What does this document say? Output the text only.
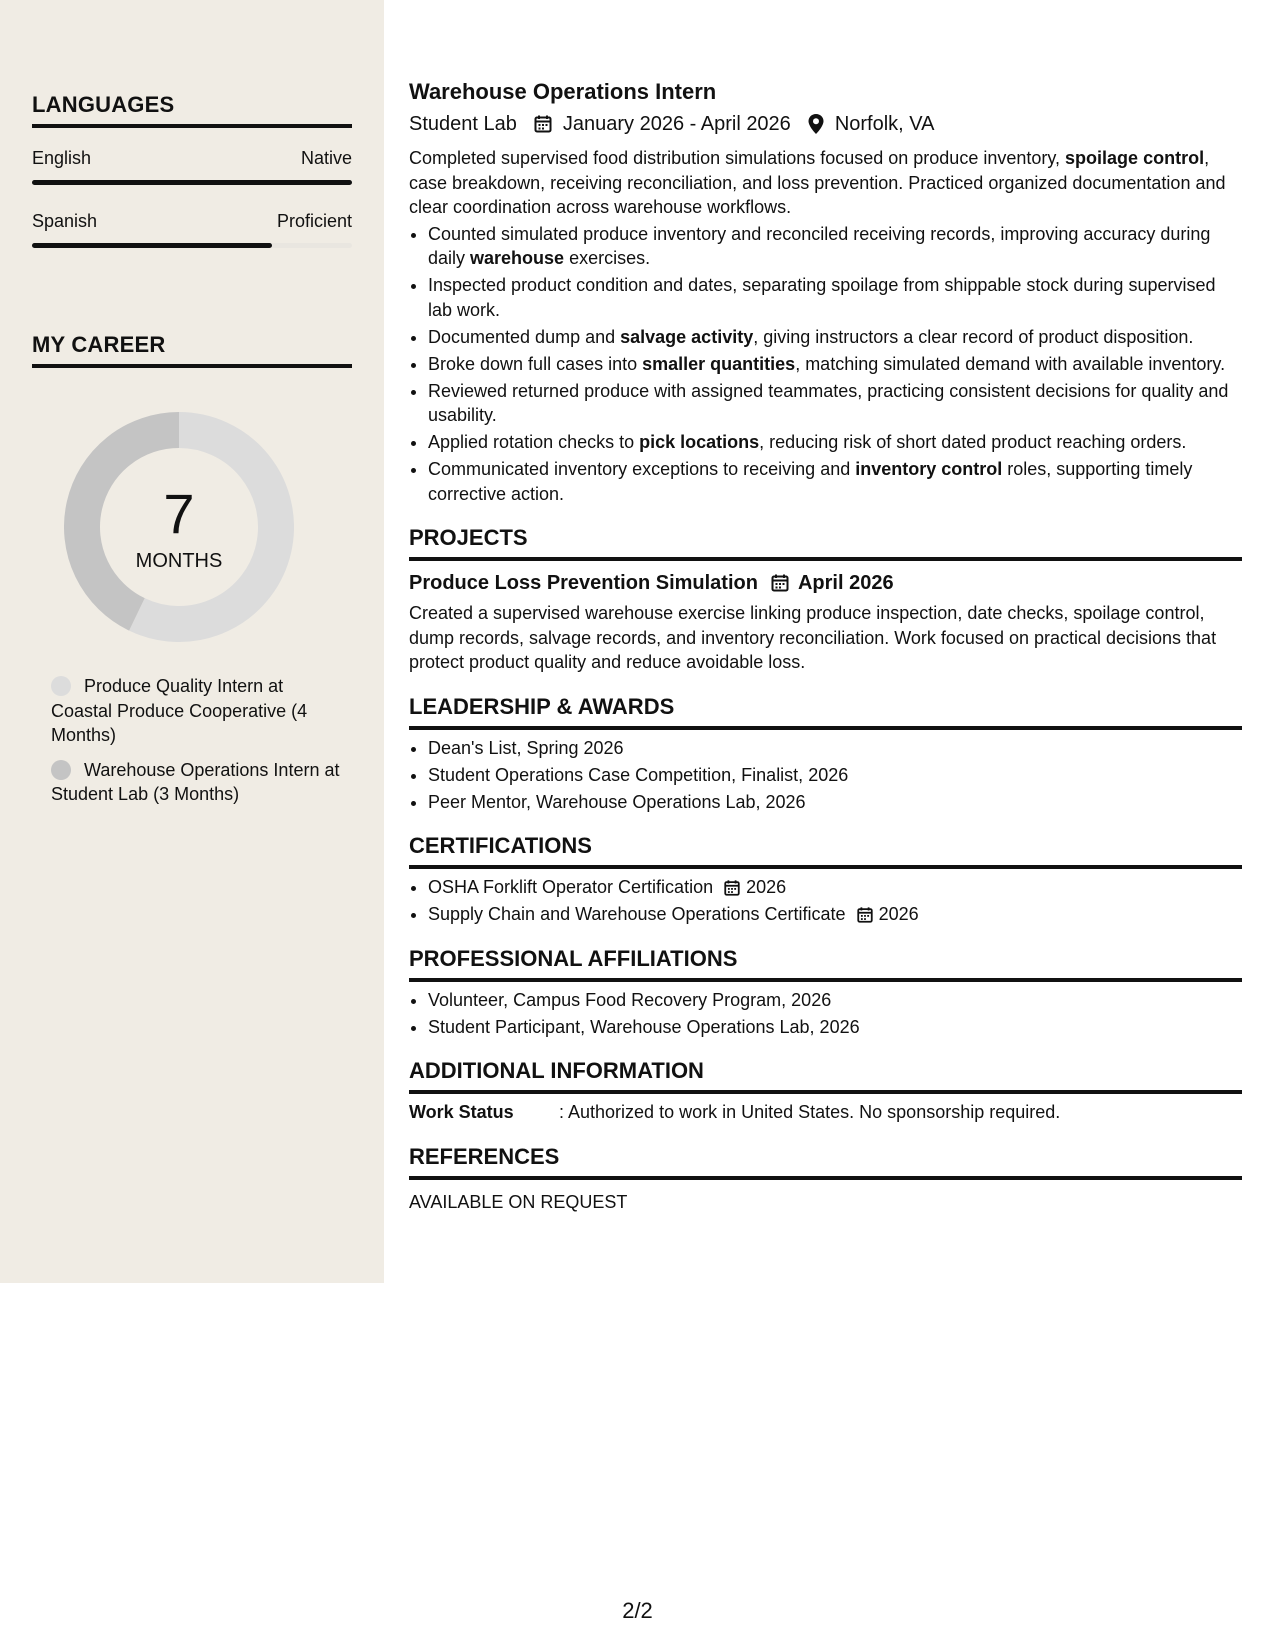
LANGUAGES
English	Native
Spanish	Proficient
MY CAREER
7
MONTHS
Produce Quality Intern at Coastal Produce Cooperative (4 Months)
Warehouse Operations Intern at Student Lab (3 Months)
Warehouse Operations Intern
Student Lab January 2026 - April 2026 Norfolk, VA

Completed supervised food distribution simulations focused on produce inventory, spoilage control, case breakdown, receiving reconciliation, and loss prevention. Practiced organized documentation and clear coordination across warehouse workflows.

• Counted simulated produce inventory and reconciled receiving records, improving accuracy during daily warehouse exercises.
• Inspected product condition and dates, separating spoilage from shippable stock during supervised lab work.
• Documented dump and salvage activity, giving instructors a clear record of product disposition.
• Broke down full cases into smaller quantities, matching simulated demand with available inventory.
• Reviewed returned produce with assigned teammates, practicing consistent decisions for quality and usability.
• Applied rotation checks to pick locations, reducing risk of short dated product reaching orders.
• Communicated inventory exceptions to receiving and inventory control roles, supporting timely corrective action.
PROJECTS
Produce Loss Prevention Simulation April 2026

Created a supervised warehouse exercise linking produce inspection, date checks, spoilage control, dump records, salvage records, and inventory reconciliation. Work focused on practical decisions that protect product quality and reduce avoidable loss.

LEADERSHIP & AWARDS
• Dean's List, Spring 2026
• Student Operations Case Competition, Finalist, 2026
• Peer Mentor, Warehouse Operations Lab, 2026
CERTIFICATIONS
• OSHA Forklift Operator Certification 2026
• Supply Chain and Warehouse Operations Certificate 2026
PROFESSIONAL AFFILIATIONS
• Volunteer, Campus Food Recovery Program, 2026
• Student Participant, Warehouse Operations Lab, 2026
ADDITIONAL INFORMATION
Work Status	: Authorized to work in United States. No sponsorship required.
REFERENCES
AVAILABLE ON REQUEST
2/2
